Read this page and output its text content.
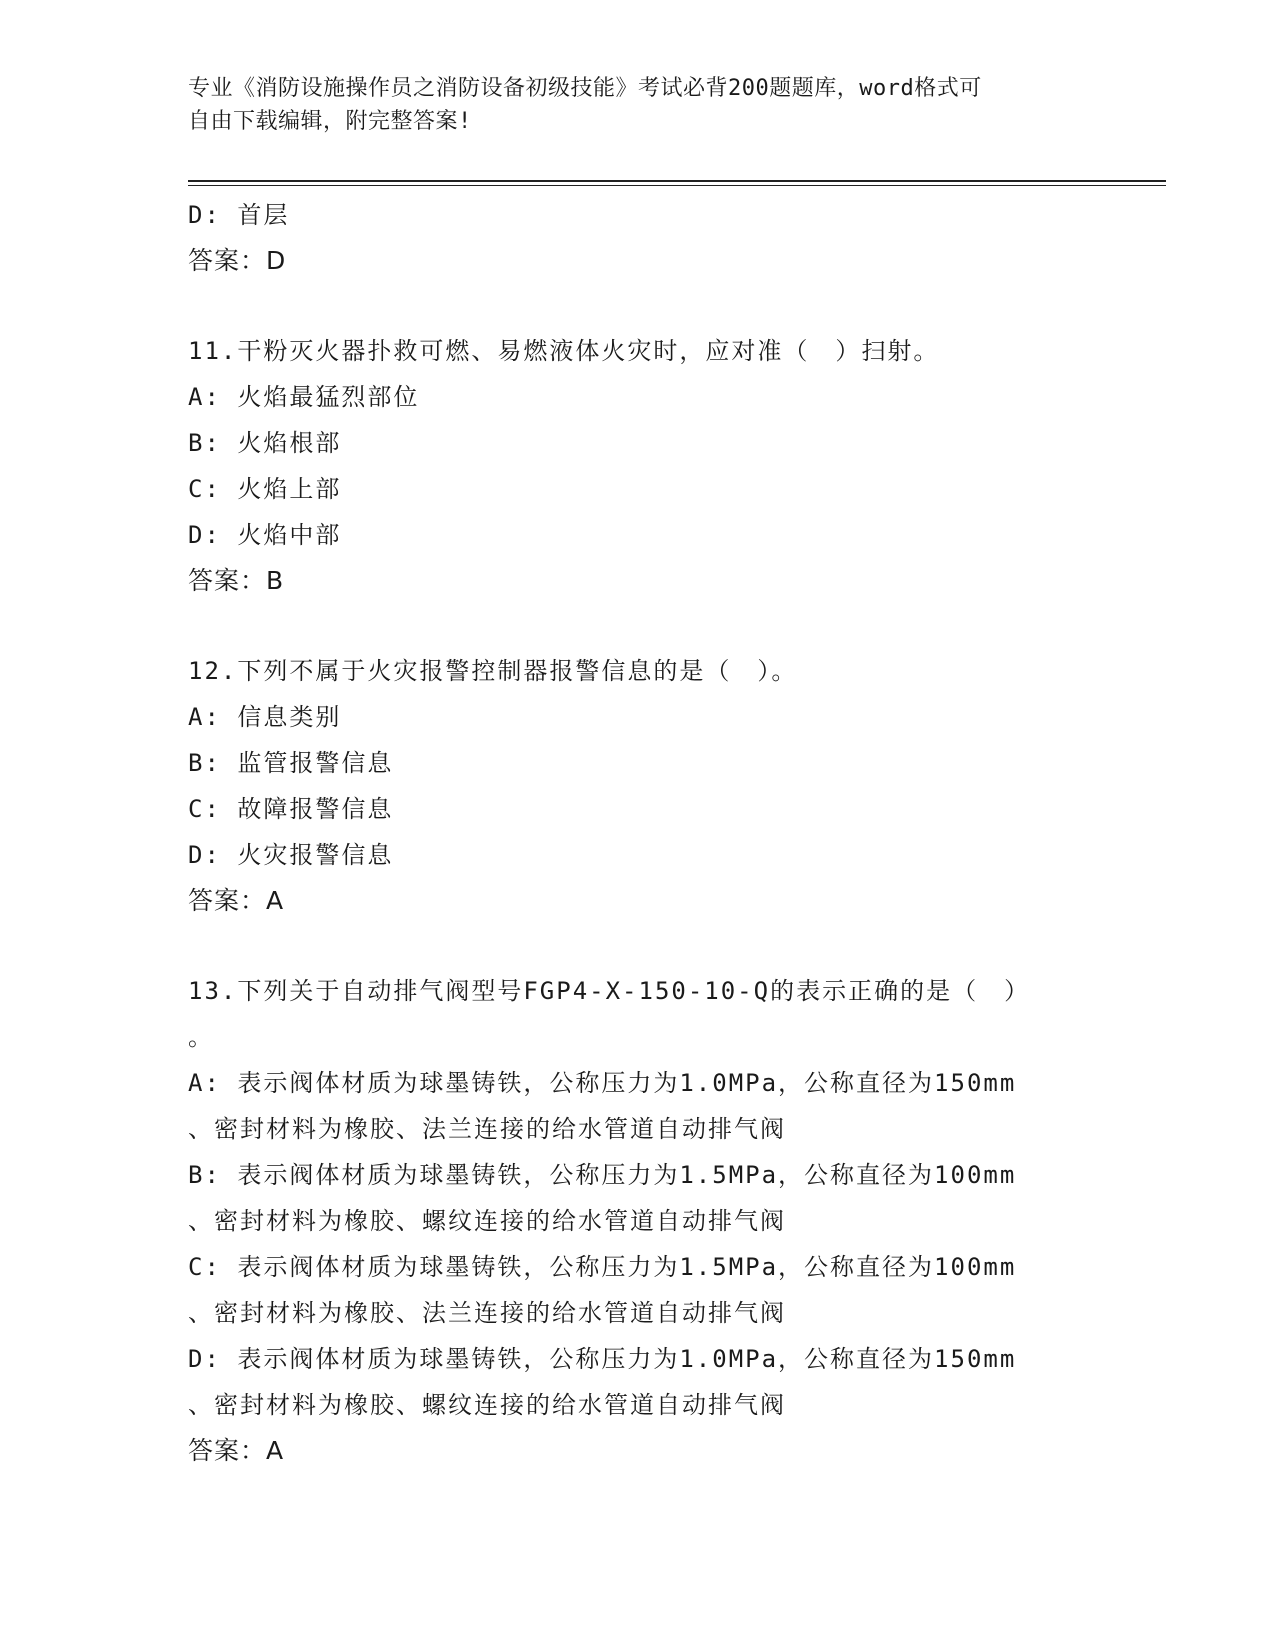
专业《消防设施操作员之消防设备初级技能》考试必背200题题库，word格式可
自由下载编辑，附完整答案!
D: 首层
答案：D
11.干粉灭火器扑救可燃、易燃液体火灾时，应对准（　）扫射。
A: 火焰最猛烈部位
B: 火焰根部
C: 火焰上部
D: 火焰中部
答案：B
12.下列不属于火灾报警控制器报警信息的是（　）。
A: 信息类别
B: 监管报警信息
C: 故障报警信息
D: 火灾报警信息
答案：A
13.下列关于自动排气阀型号FGP4-X-150-10-Q的表示正确的是（　）
。
A: 表示阀体材质为球墨铸铁，公称压力为1.0MPa，公称直径为150mm
、密封材料为橡胶、法兰连接的给水管道自动排气阀
B: 表示阀体材质为球墨铸铁，公称压力为1.5MPa，公称直径为100mm
、密封材料为橡胶、螺纹连接的给水管道自动排气阀
C: 表示阀体材质为球墨铸铁，公称压力为1.5MPa，公称直径为100mm
、密封材料为橡胶、法兰连接的给水管道自动排气阀
D: 表示阀体材质为球墨铸铁，公称压力为1.0MPa，公称直径为150mm
、密封材料为橡胶、螺纹连接的给水管道自动排气阀
答案：A
